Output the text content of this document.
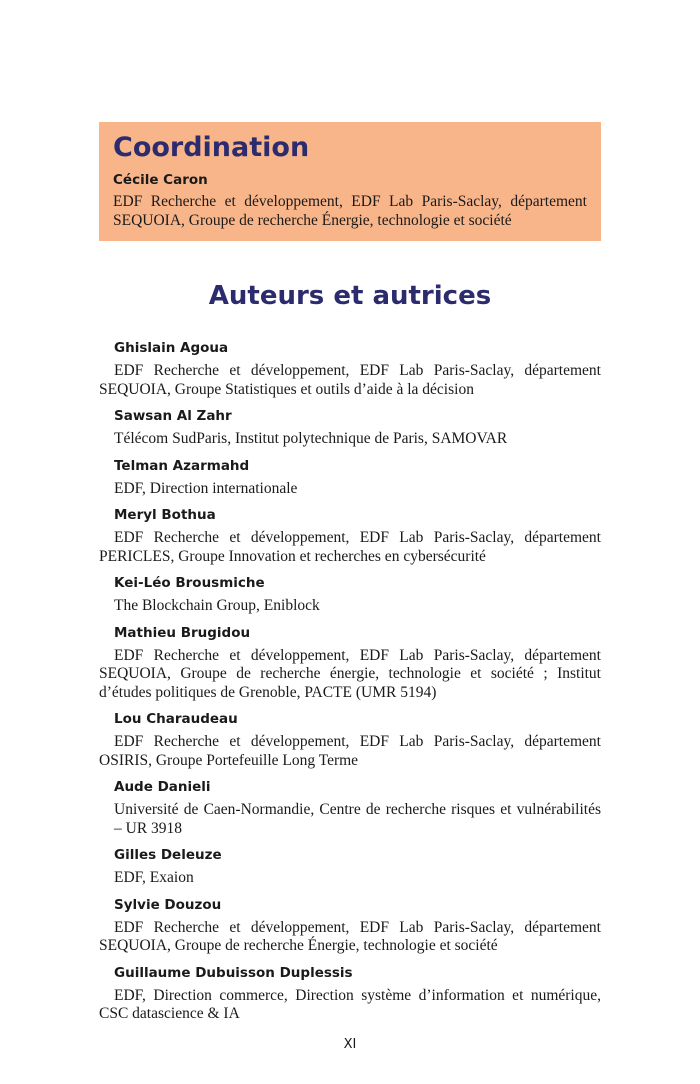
Coordination

Cécile Caron

EDF Recherche et développement, EDF Lab Paris-Saclay, département SEQUOIA, Groupe de recherche Énergie, technologie et société

Auteurs et autrices

Ghislain Agoua

EDF Recherche et développement, EDF Lab Paris-Saclay, département SEQUOIA, Groupe Statistiques et outils d’aide à la décision

Sawsan Al Zahr

Télécom SudParis, Institut polytechnique de Paris, SAMOVAR

Telman Azarmahd

EDF, Direction internationale

Meryl Bothua

EDF Recherche et développement, EDF Lab Paris-Saclay, département PERICLES, Groupe Innovation et recherches en cybersécurité

Kei-Léo Brousmiche

The Blockchain Group, Eniblock

Mathieu Brugidou

EDF Recherche et développement, EDF Lab Paris-Saclay, département SEQUOIA, Groupe de recherche énergie, technologie et société ; Institut d’études politiques de Grenoble, PACTE (UMR 5194)

Lou Charaudeau

EDF Recherche et développement, EDF Lab Paris-Saclay, département OSIRIS, Groupe Portefeuille Long Terme

Aude Danieli

Université de Caen-Normandie, Centre de recherche risques et vulnérabilités – UR 3918

Gilles Deleuze

EDF, Exaion

Sylvie Douzou

EDF Recherche et développement, EDF Lab Paris-Saclay, département SEQUOIA, Groupe de recherche Énergie, technologie et société

Guillaume Dubuisson Duplessis

EDF, Direction commerce, Direction système d’information et numérique, CSC datascience & IA

XI
